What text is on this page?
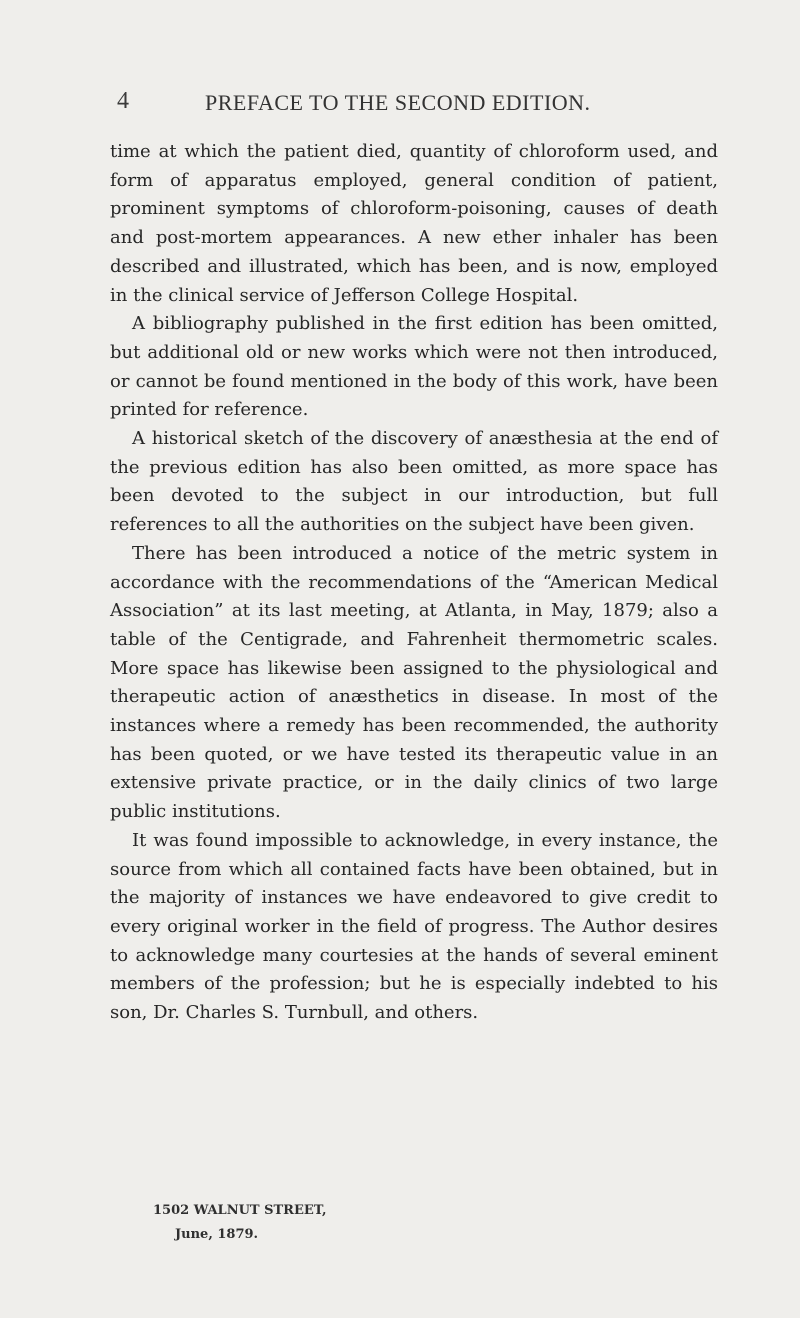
4	PREFACE TO THE SECOND EDITION.

time at which the patient died, quantity of chloroform used, and form of apparatus employed, general condition of patient, prominent symptoms of chloroform-poisoning, causes of death and post-mortem appearances. A new ether inhaler has been described and illustrated, which has been, and is now, employed in the clinical service of Jefferson College Hospital.

A bibliography published in the first edition has been omitted, but additional old or new works which were not then introduced, or cannot be found mentioned in the body of this work, have been printed for reference.

A historical sketch of the discovery of anæsthesia at the end of the previous edition has also been omitted, as more space has been devoted to the subject in our introduction, but full references to all the authorities on the subject have been given.

There has been introduced a notice of the metric system in accordance with the recommendations of the “American Medical Association” at its last meeting, at Atlanta, in May, 1879; also a table of the Centigrade, and Fahrenheit thermometric scales. More space has likewise been assigned to the physiological and therapeutic action of anæsthetics in disease. In most of the instances where a remedy has been recommended, the authority has been quoted, or we have tested its therapeutic value in an extensive private practice, or in the daily clinics of two large public institutions.

It was found impossible to acknowledge, in every instance, the source from which all contained facts have been obtained, but in the majority of instances we have endeavored to give credit to every original worker in the field of progress. The Author desires to acknowledge many courtesies at the hands of several eminent members of the profession; but he is especially indebted to his son, Dr. Charles S. Turnbull, and others.

1502 WALNUT STREET,
June, 1879.
